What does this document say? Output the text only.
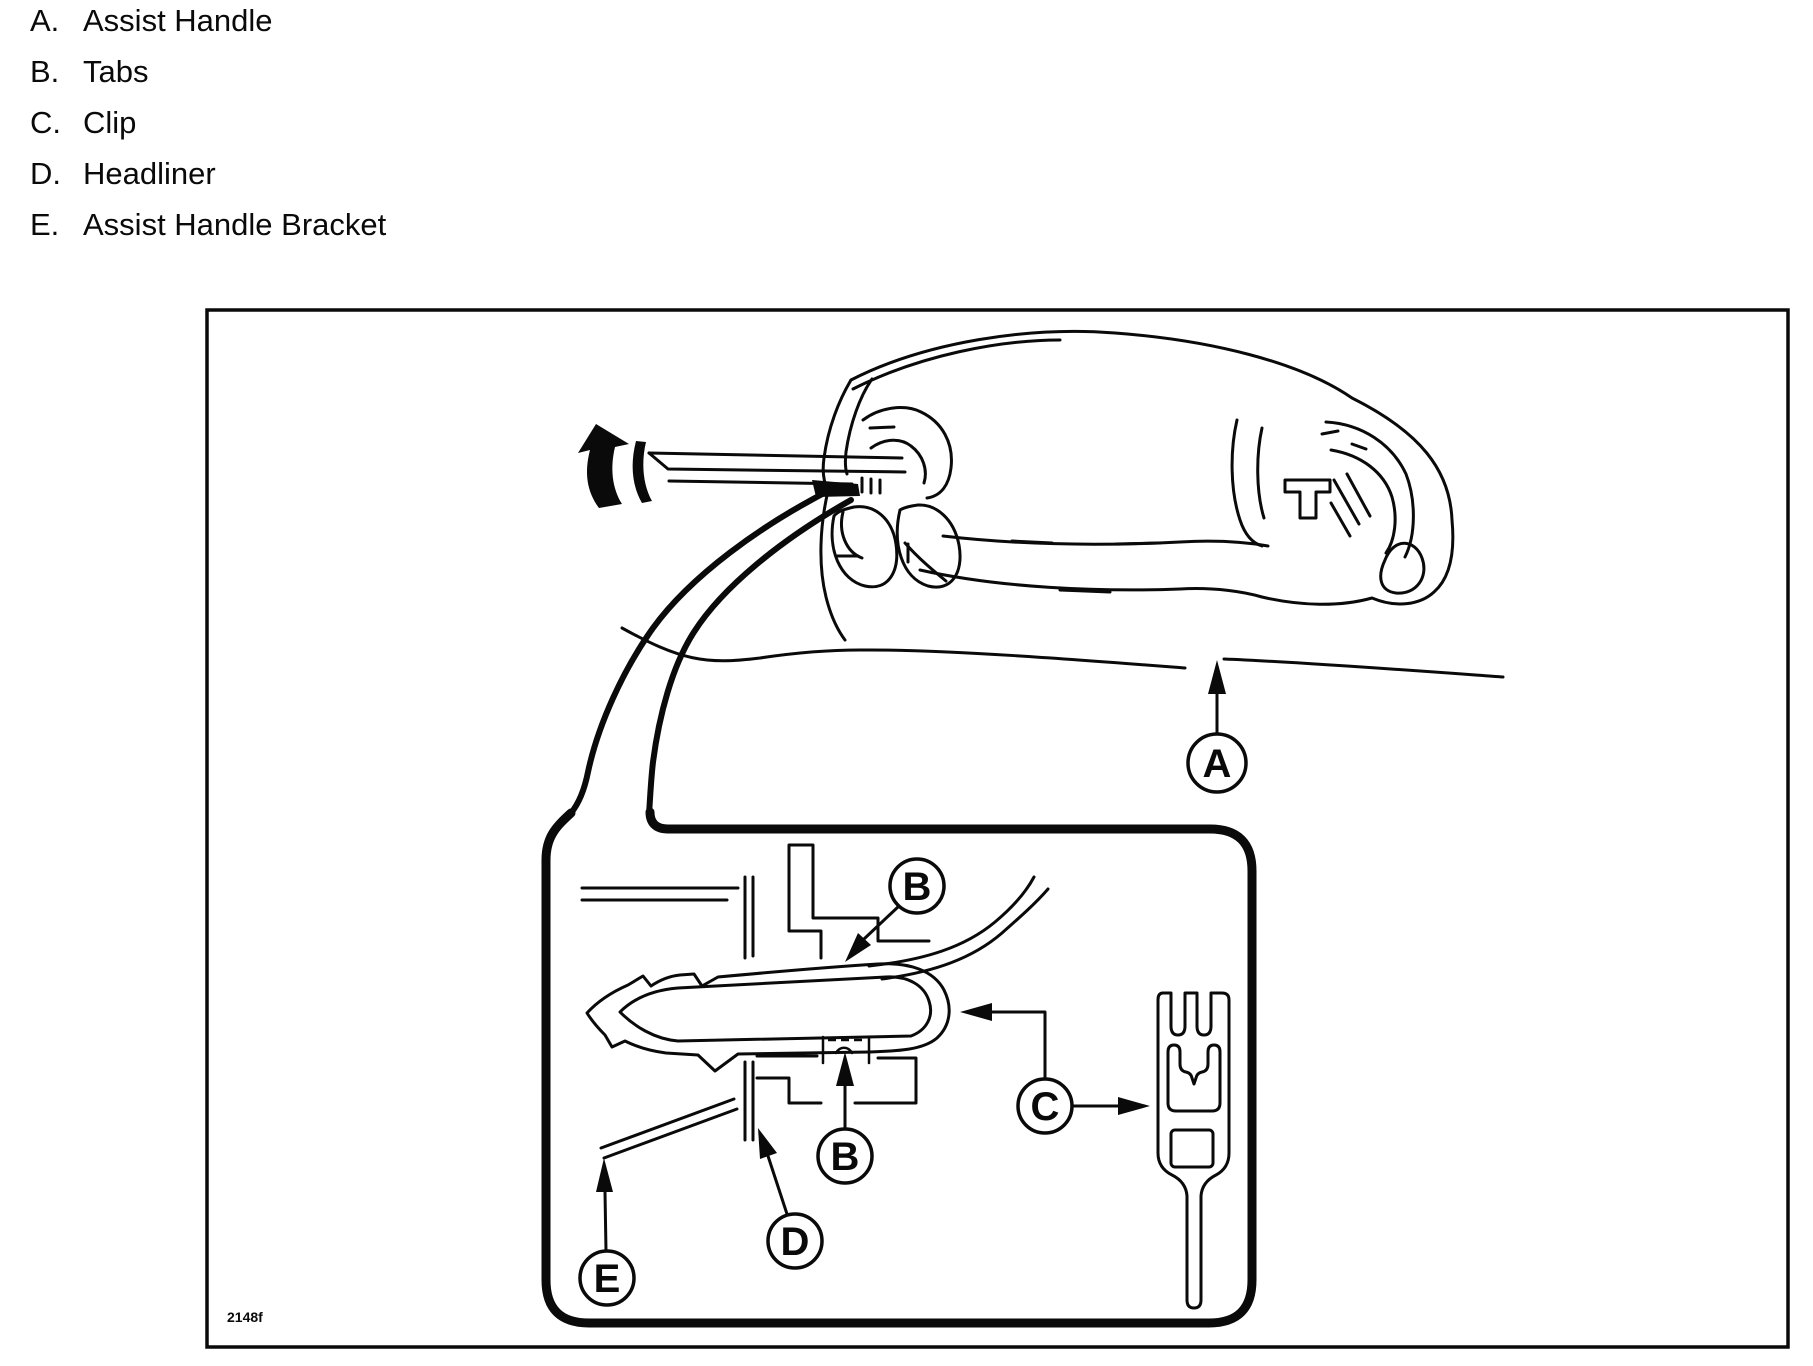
A. Assist Handle
B. Tabs
C. Clip
D. Headliner
E. Assist Handle Bracket
A
B
B
C
D
E
2148f
